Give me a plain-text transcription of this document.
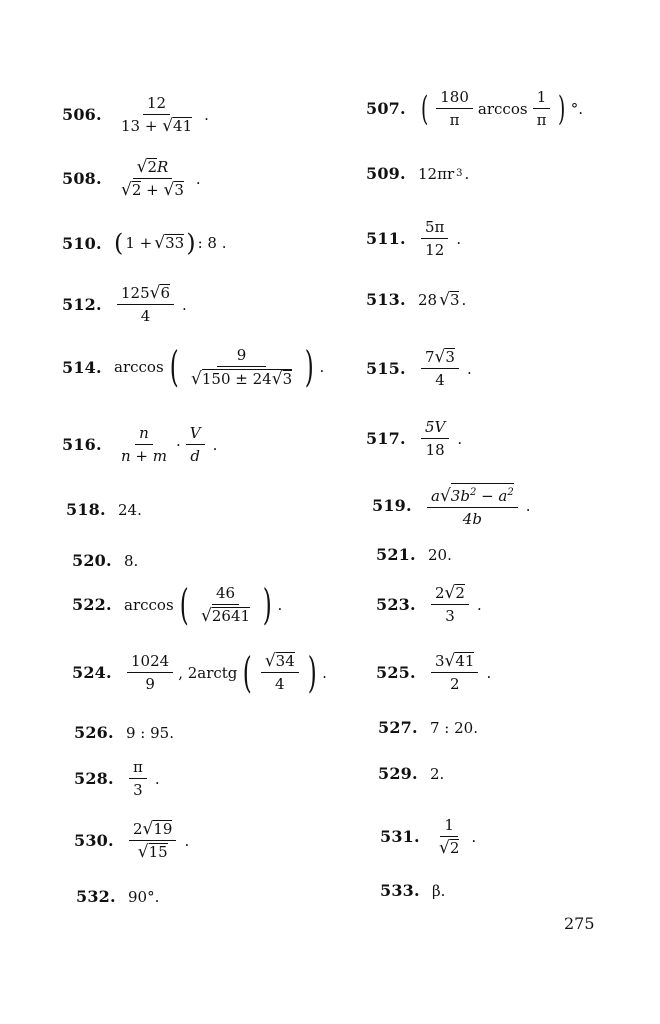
506.	$\frac{12}{13 + √ 41}$ .	507. ( $\frac{180}{\pi}$ $\arccos \frac{1}{\pi}$ ) °.
508. $\frac{√ 2 R}{√ 2 + √ 3}$ .	509. 12πr 3 .
510. ( 1 + √ 33 ) : 8 .	511.	$\frac{5\pi}{12}$ .
512.	$\frac{125 √ 6}{4}$ .	513. 28 √ 3 .
514. arccos ( $\frac{9}{√ 150 \pm 24 √ 3}$ ) .	515.	$\frac{7 √ 3}{4}$ .
516.	$\frac{n}{n + m} \cdot \frac{V}{d}$ .	517.	$\frac{5V}{18}$ .
518. 24.	519.	$\frac{a √ 3b^2 - a^2}{4b}$ .
520. 8.	521. 20.
522. arccos ( $\frac{46}{√ 2641}$ ) .	523.	$\frac{2 √ 2}{3}$ .
524.	$\frac{1024}{9}$ , 2arctg ( $\frac{√ 34}{4}$ ) .	525.	$\frac{3 √ 41}{2}$ .
526. 9 : 95.	527. 7 : 20.
528.	$\frac{\pi}{3}$ .	529. 2.
530.	$\frac{2 √ 19}{√ 15}$ .	531.	$\frac{1}{√ 2}$ .
532. 90°.	533. β.
275
